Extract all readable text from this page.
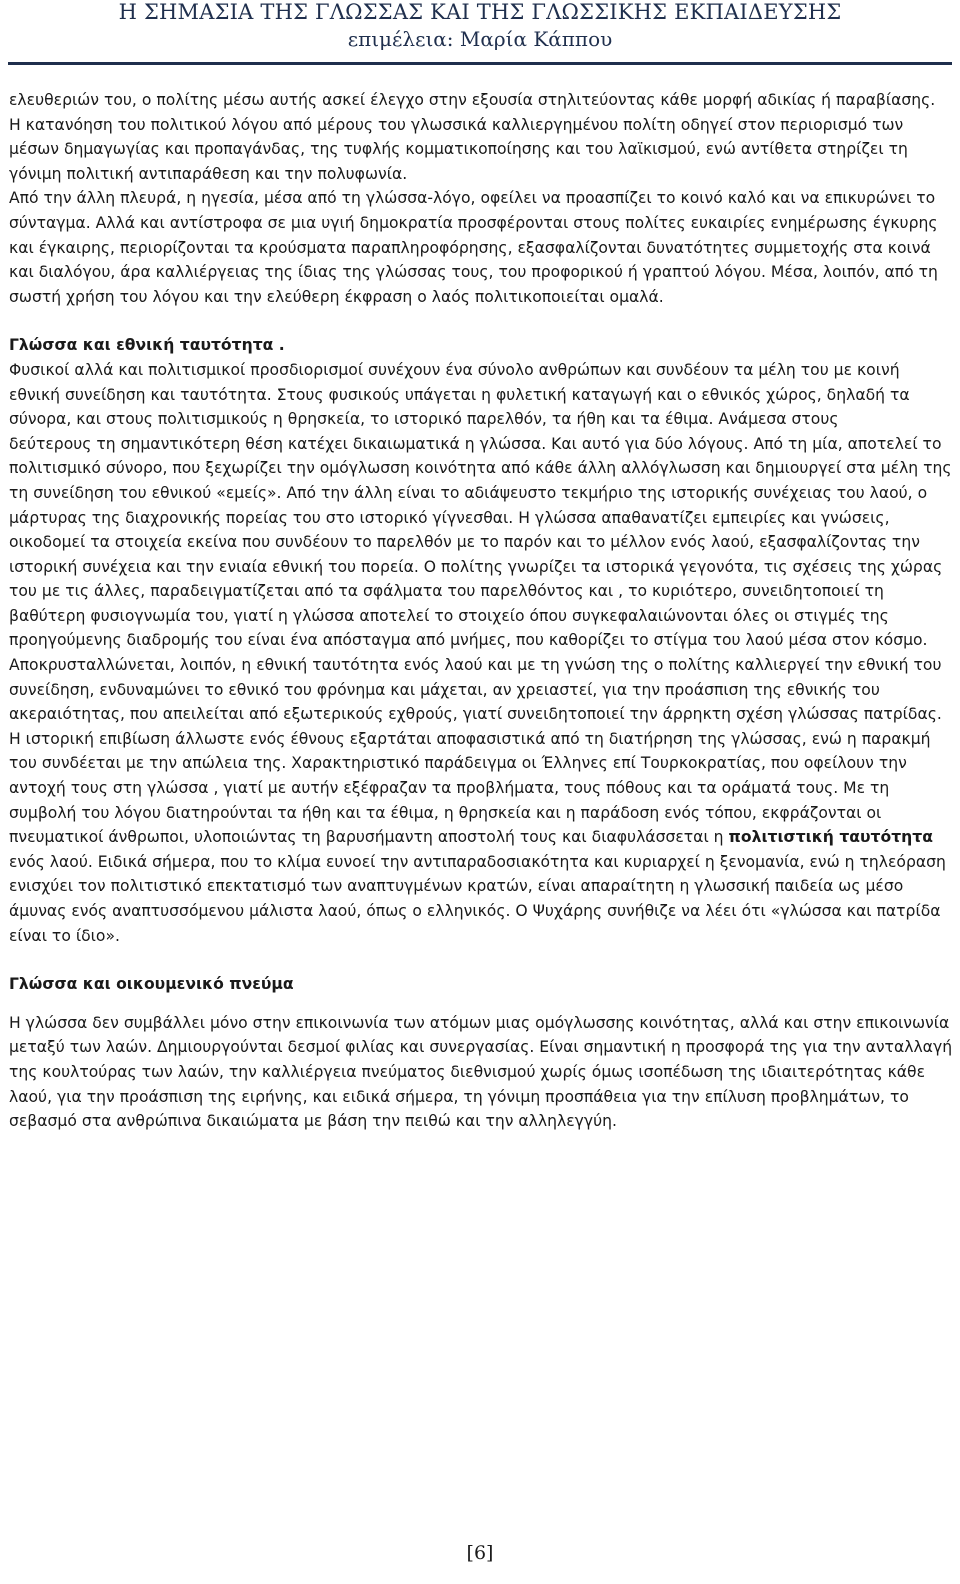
Η ΣΗΜΑΣΙΑ ΤΗΣ ΓΛΩΣΣΑΣ ΚΑΙ ΤΗΣ ΓΛΩΣΣΙΚΗΣ ΕΚΠΑΙΔΕΥΣΗΣ
επιμέλεια: Μαρία Κάππου

ελευθεριών του, ο πολίτης μέσω αυτής ασκεί έλεγχο στην εξουσία στηλιτεύοντας κάθε μορφή αδικίας ή παραβίασης.

Η κατανόηση του πολιτικού λόγου από μέρους του γλωσσικά καλλιεργημένου πολίτη οδηγεί στον περιορισμό των μέσων δημαγωγίας και προπαγάνδας, της τυφλής κομματικοποίησης και του λαϊκισμού, ενώ αντίθετα στηρίζει τη γόνιμη πολιτική αντιπαράθεση και την πολυφωνία.

Από την άλλη πλευρά, η ηγεσία, μέσα από τη γλώσσα-λόγο, οφείλει να προασπίζει το κοινό καλό και να επικυρώνει το σύνταγμα. Αλλά και αντίστροφα σε μια υγιή δημοκρατία προσφέρονται στους πολίτες ευκαιρίες ενημέρωσης έγκυρης και έγκαιρης, περιορίζονται τα κρούσματα παραπληροφόρησης, εξασφαλίζονται δυνατότητες συμμετοχής στα κοινά και διαλόγου, άρα καλλιέργειας της ίδιας της γλώσσας τους, του προφορικού ή γραπτού λόγου. Μέσα, λοιπόν, από τη σωστή χρήση του λόγου και την ελεύθερη έκφραση ο λαός πολιτικοποιείται ομαλά.

Γλώσσα και εθνική ταυτότητα .

Φυσικοί αλλά και πολιτισμικοί προσδιορισμοί συνέχουν ένα σύνολο ανθρώπων και συνδέουν τα μέλη του με κοινή εθνική συνείδηση και ταυτότητα. Στους φυσικούς υπάγεται η φυλετική καταγωγή και ο εθνικός χώρος, δηλαδή τα σύνορα, και στους πολιτισμικούς η θρησκεία, το ιστορικό παρελθόν, τα ήθη και τα έθιμα. Ανάμεσα στους

δεύτερους τη σημαντικότερη θέση κατέχει δικαιωματικά η γλώσσα. Και αυτό για δύο λόγους. Από τη μία, αποτελεί το πολιτισμικό σύνορο, που ξεχωρίζει την ομόγλωσση κοινότητα από κάθε άλλη αλλόγλωσση και δημιουργεί στα μέλη της τη συνείδηση του εθνικού «εμείς». Από την άλλη είναι το αδιάψευστο τεκμήριο της ιστορικής συνέχειας του λαού, ο μάρτυρας της διαχρονικής πορείας του στο ιστορικό γίγνεσθαι. Η γλώσσα απαθανατίζει εμπειρίες και γνώσεις, οικοδομεί τα στοιχεία εκείνα που συνδέουν το παρελθόν με το παρόν και το μέλλον ενός λαού, εξασφαλίζοντας την ιστορική συνέχεια και την ενιαία εθνική του πορεία. Ο πολίτης γνωρίζει τα ιστορικά γεγονότα, τις σχέσεις της χώρας του με τις άλλες, παραδειγματίζεται από τα σφάλματα του παρελθόντος και , το κυριότερο, συνειδητοποιεί τη βαθύτερη φυσιογνωμία του, γιατί η γλώσσα αποτελεί το στοιχείο όπου συγκεφαλαιώνονται όλες οι στιγμές της προηγούμενης διαδρομής του είναι ένα απόσταγμα από μνήμες, που καθορίζει το στίγμα του λαού μέσα στον κόσμο. Αποκρυσταλλώνεται, λοιπόν, η εθνική ταυτότητα ενός λαού και με τη γνώση της ο πολίτης καλλιεργεί την εθνική του συνείδηση, ενδυναμώνει το εθνικό του φρόνημα και μάχεται, αν χρειαστεί, για την προάσπιση της εθνικής του ακεραιότητας, που απειλείται από εξωτερικούς εχθρούς, γιατί συνειδητοποιεί την άρρηκτη σχέση γλώσσας πατρίδας. Η ιστορική επιβίωση άλλωστε ενός έθνους εξαρτάται αποφασιστικά από τη διατήρηση της γλώσσας, ενώ η παρακμή του συνδέεται με την απώλεια της. Χαρακτηριστικό παράδειγμα οι Έλληνες επί Τουρκοκρατίας, που οφείλουν την αντοχή τους στη γλώσσα , γιατί με αυτήν εξέφραζαν τα προβλήματα, τους πόθους και τα οράματά τους. Με τη συμβολή του λόγου διατηρούνται τα ήθη και τα έθιμα, η θρησκεία και η παράδοση ενός τόπου, εκφράζονται οι πνευματικοί άνθρωποι, υλοποιώντας τη βαρυσήμαντη αποστολή τους και διαφυλάσσεται η πολιτιστική ταυτότητα ενός λαού. Ειδικά σήμερα, που το κλίμα ευνοεί την αντιπαραδοσιακότητα και κυριαρχεί η ξενομανία, ενώ η τηλεόραση ενισχύει τον πολιτιστικό επεκτατισμό των αναπτυγμένων κρατών, είναι απαραίτητη η γλωσσική παιδεία ως μέσο άμυνας ενός αναπτυσσόμενου μάλιστα λαού, όπως ο ελληνικός. Ο Ψυχάρης συνήθιζε να λέει ότι «γλώσσα και πατρίδα είναι το ίδιο».

Γλώσσα και οικουμενικό πνεύμα

Η γλώσσα δεν συμβάλλει μόνο στην επικοινωνία των ατόμων μιας ομόγλωσσης κοινότητας, αλλά και στην επικοινωνία μεταξύ των λαών. Δημιουργούνται δεσμοί φιλίας και συνεργασίας. Είναι σημαντική η προσφορά της για την ανταλλαγή της κουλτούρας των λαών, την καλλιέργεια πνεύματος διεθνισμού χωρίς όμως ισοπέδωση της ιδιαιτερότητας κάθε λαού, για την προάσπιση της ειρήνης, και ειδικά σήμερα, τη γόνιμη προσπάθεια για την επίλυση προβλημάτων, το σεβασμό στα ανθρώπινα δικαιώματα με βάση την πειθώ και την αλληλεγγύη.

[6]
